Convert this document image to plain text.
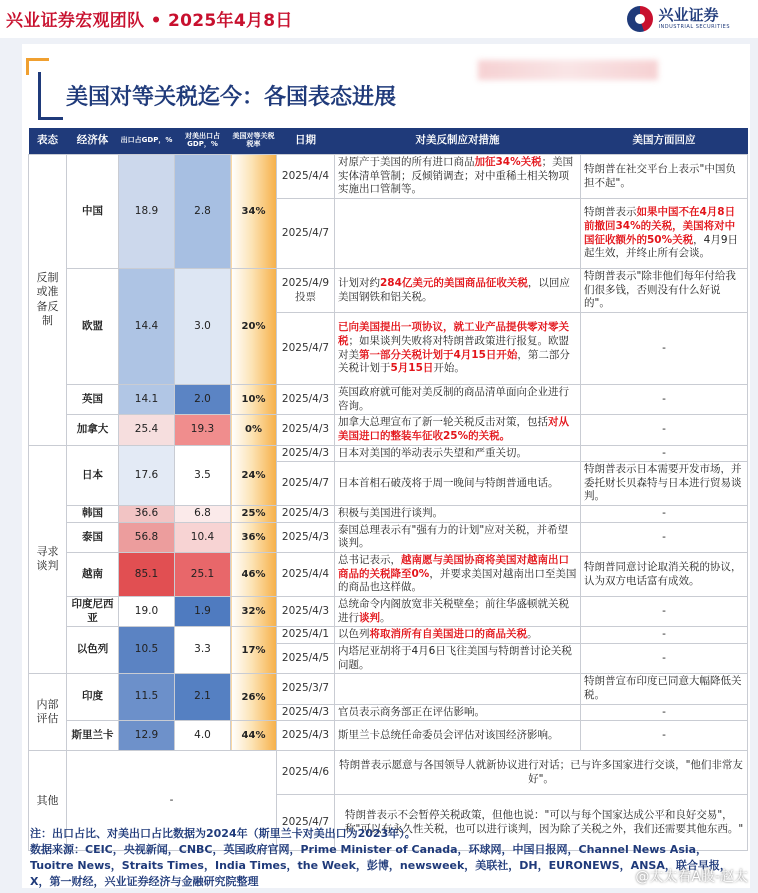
兴业证券宏观团队 • 2025年4月8日	兴业证券
INDUSTRIAL SECURITIES
美国对等关税迄今：各国表态进展
表态	经济体	出口占GDP，%	对美出口占GDP，%	美国对等关税税率	日期	对美反制应对措施	美国方面回应
反制或准备反制	中国	18.9	2.8	34%	2025/4/4	对原产于美国的所有进口商品加征34%关税；美国实体清单管制；反倾销调查；对中重稀土相关物项实施出口管制等。	特朗普在社交平台上表示"中国负担不起"。
					2025/4/7		特朗普表示如果中国不在4月8日前撤回34%的关税，美国将对中国征收额外的50%关税，4月9日起生效，并终止所有会谈。
	欧盟	14.4	3.0	20%	2025/4/9 投票	计划对约284亿美元的美国商品征收关税，以回应美国钢铁和铝关税。	特朗普表示"除非他们每年付给我们很多钱，否则没有什么好说的"。
					2025/4/7	已向美国提出一项协议，就工业产品提供零对零关税；如果谈判失败将对特朗普政策进行报复。欧盟对美第一部分关税计划于4月15日开始，第二部分关税计划于5月15日开始。	-
	英国	14.1	2.0	10%	2025/4/3	英国政府就可能对美反制的商品清单面向企业进行咨询。	-
	加拿大	25.4	19.3	0%	2025/4/3	加拿大总理宣布了新一轮关税反击对策，包括对从美国进口的整装车征收25%的关税。	-
寻求谈判	日本	17.6	3.5	24%	2025/4/3	日本对美国的举动表示失望和严重关切。	-
					2025/4/7	日本首相石破茂将于周一晚间与特朗普通电话。	特朗普表示日本需要开发市场，并委托财长贝森特与日本进行贸易谈判。
	韩国	36.6	6.8	25%	2025/4/3	积极与美国进行谈判。	-
	泰国	56.8	10.4	36%	2025/4/3	泰国总理表示有"强有力的计划"应对关税，并希望谈判。	-
	越南	85.1	25.1	46%	2025/4/4	总书记表示，越南愿与美国协商将美国对越南出口商品的关税降至0%，并要求美国对越南出口至美国的商品也这样做。	特朗普同意讨论取消关税的协议，认为双方电话富有成效。
	印度尼西亚	19.0	1.9	32%	2025/4/3	总统命令内阁放宽非关税壁垒；前往华盛顿就关税进行谈判。	-
	以色列	10.5	3.3	17%	2025/4/1	以色列将取消所有自美国进口的商品关税。	-
					2025/4/5	内塔尼亚胡将于4月6日飞往美国与特朗普讨论关税问题。	-
内部评估	印度	11.5	2.1	26%	2025/3/7		特朗普宣布印度已同意大幅降低关税。
					2025/4/3	官员表示商务部正在评估影响。	-
	斯里兰卡	12.9	4.0	44%	2025/4/3	斯里兰卡总统任命委员会评估对该国经济影响。	-
其他	-				2025/4/6	特朗普表示愿意与各国领导人就新协议进行对话；已与许多国家进行交谈，"他们非常友好"。	
					2025/4/7	特朗普表示不会暂停关税政策，但他也说："可以与每个国家达成公平和良好交易"，称"可以有永久性关税，也可以进行谈判，因为除了关税之外，我们还需要其他东西。"	
注：出口占比、对美出口占比数据为2024年（斯里兰卡对美出口为2023年）。
数据来源：CEIC，央视新闻，CNBC，英国政府官网，Prime Minister of Canada，环球网，中国日报网，Channel News Asia，Tuoitre News，Straits Times，India Times，the Week，彭博，newsweek，美联社，DH，EURONEWS，ANSA，联合早报，X，第一财经，兴业证券经济与金融研究院整理	@太太看A股-赵太
